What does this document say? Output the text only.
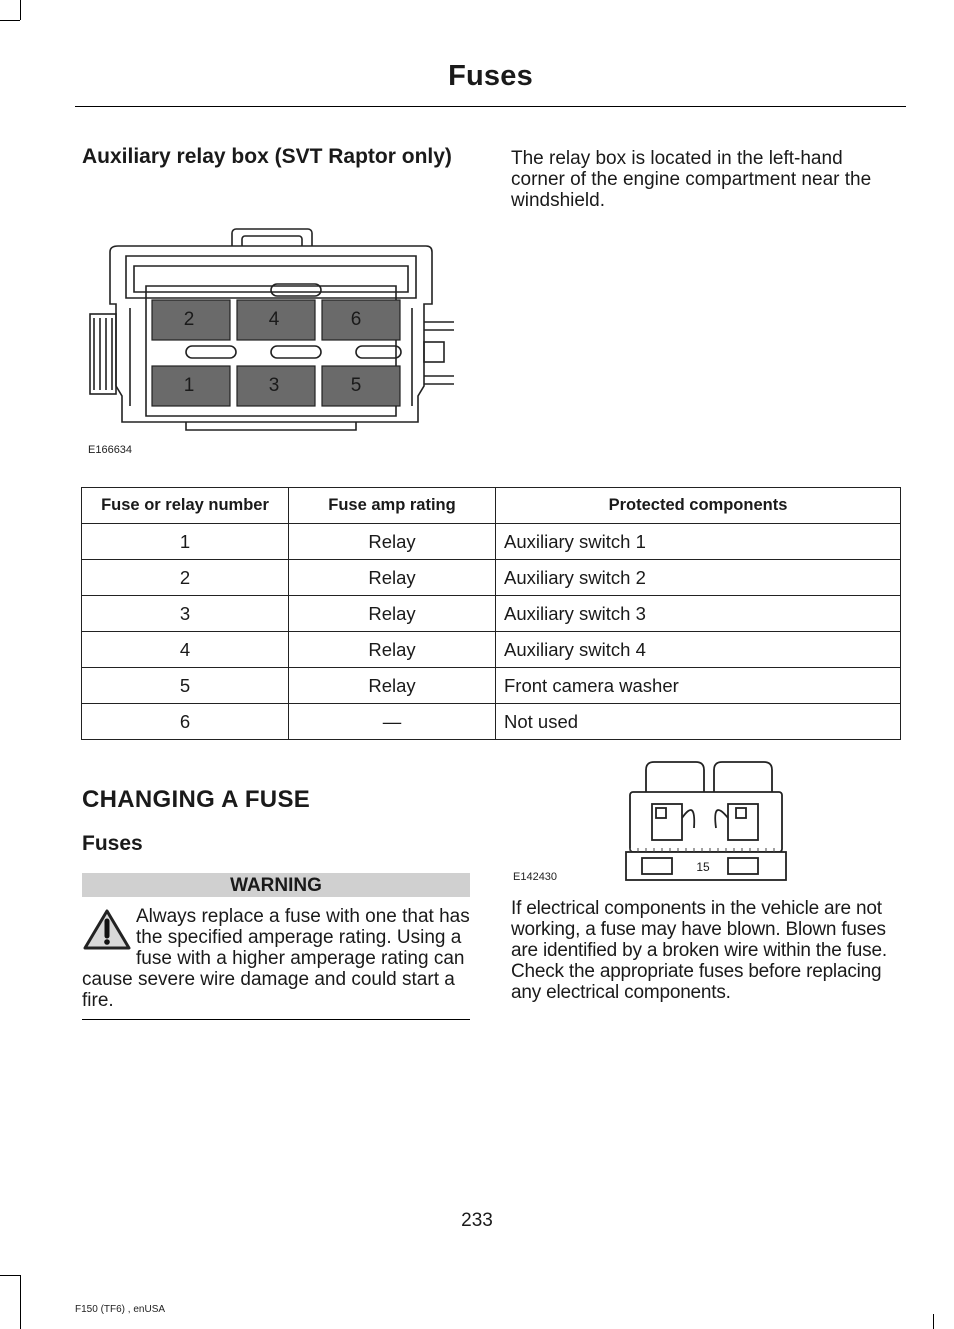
Fuses
Auxiliary relay box (SVT Raptor only)	The relay box is located in the left-hand corner of the engine compartment near the windshield.
2	4	6
1	3	5
E166634
Fuse or relay number	Fuse amp rating	Protected components
1	Relay	Auxiliary switch 1
2	Relay	Auxiliary switch 2
3	Relay	Auxiliary switch 3
4	Relay	Auxiliary switch 4
5	Relay	Front camera washer
6	—	Not used
CHANGING A FUSE
Fuses
WARNING
Always replace a fuse with one that has the specified amperage rating. Using a fuse with a higher amperage rating can cause severe wire damage and could start a fire.
15
E142430
If electrical components in the vehicle are not working, a fuse may have blown. Blown fuses are identified by a broken wire within the fuse. Check the appropriate fuses before replacing any electrical components.
233
F150 (TF6) , enUSA
